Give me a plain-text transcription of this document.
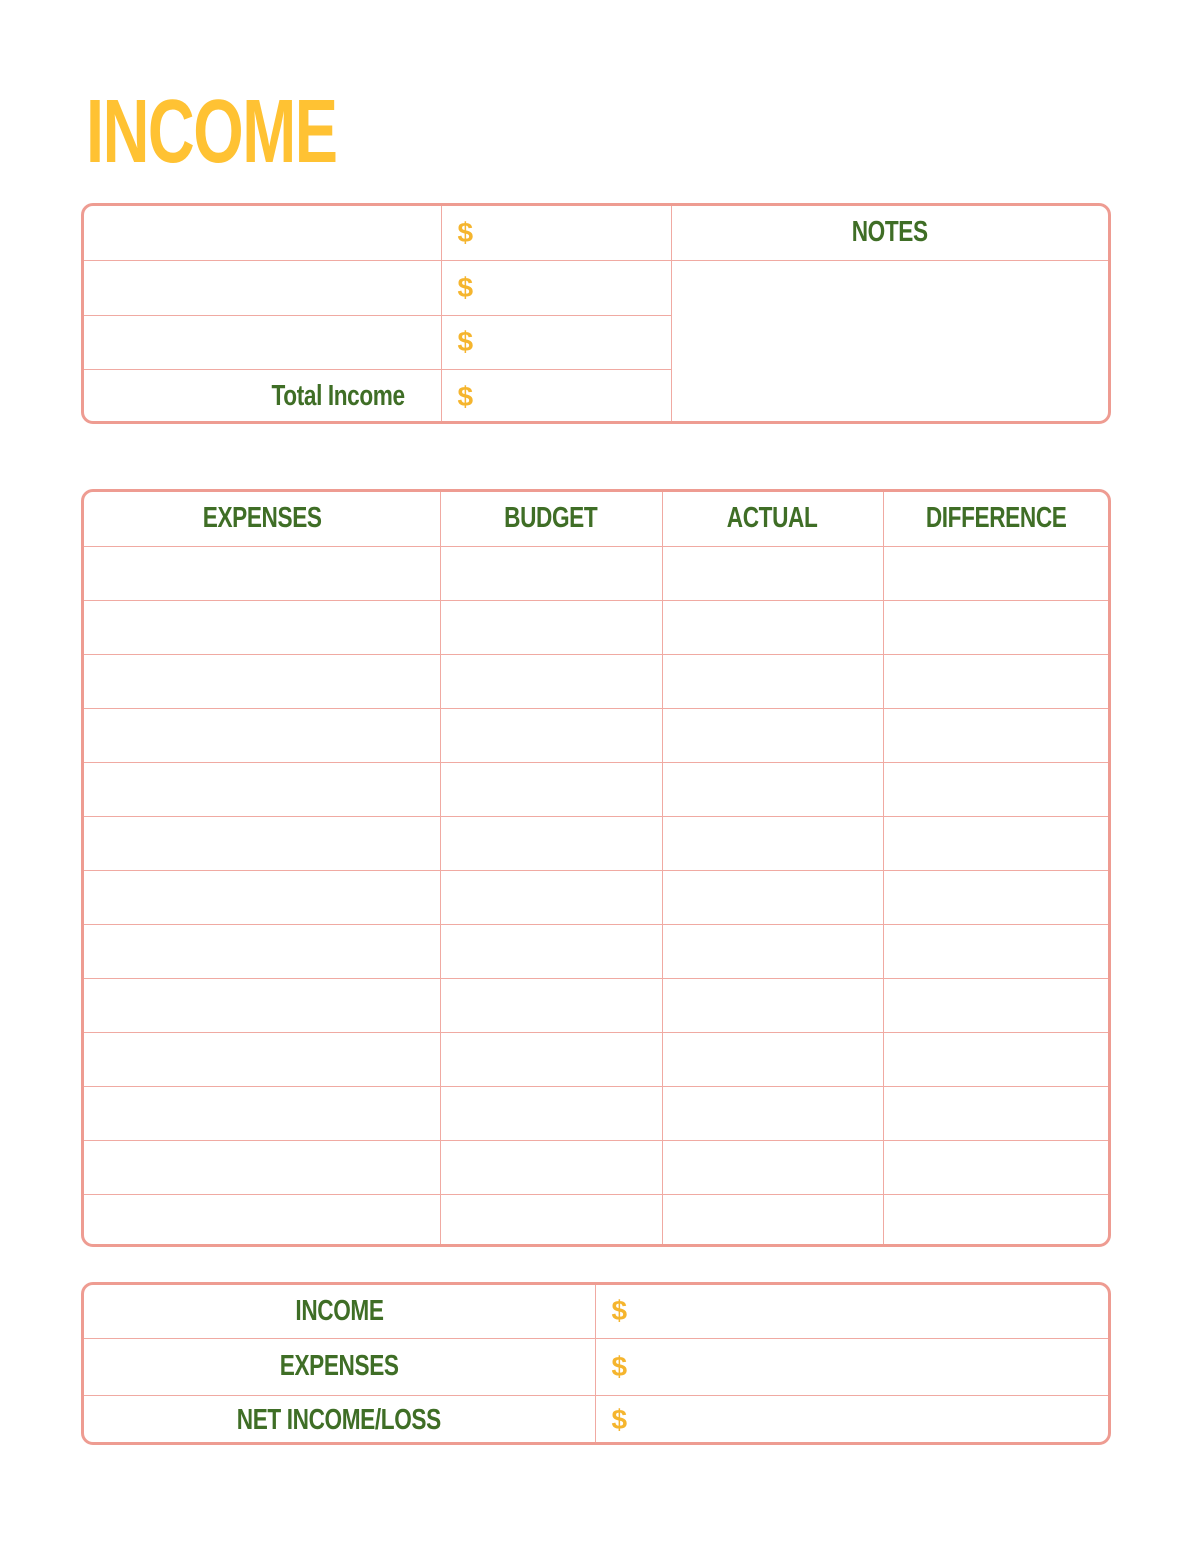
INCOME
	$	NOTES
	$	
	$	
Total Income	$	
EXPENSES	BUDGET	ACTUAL	DIFFERENCE

INCOME	$
EXPENSES	$
NET INCOME/LOSS	$
